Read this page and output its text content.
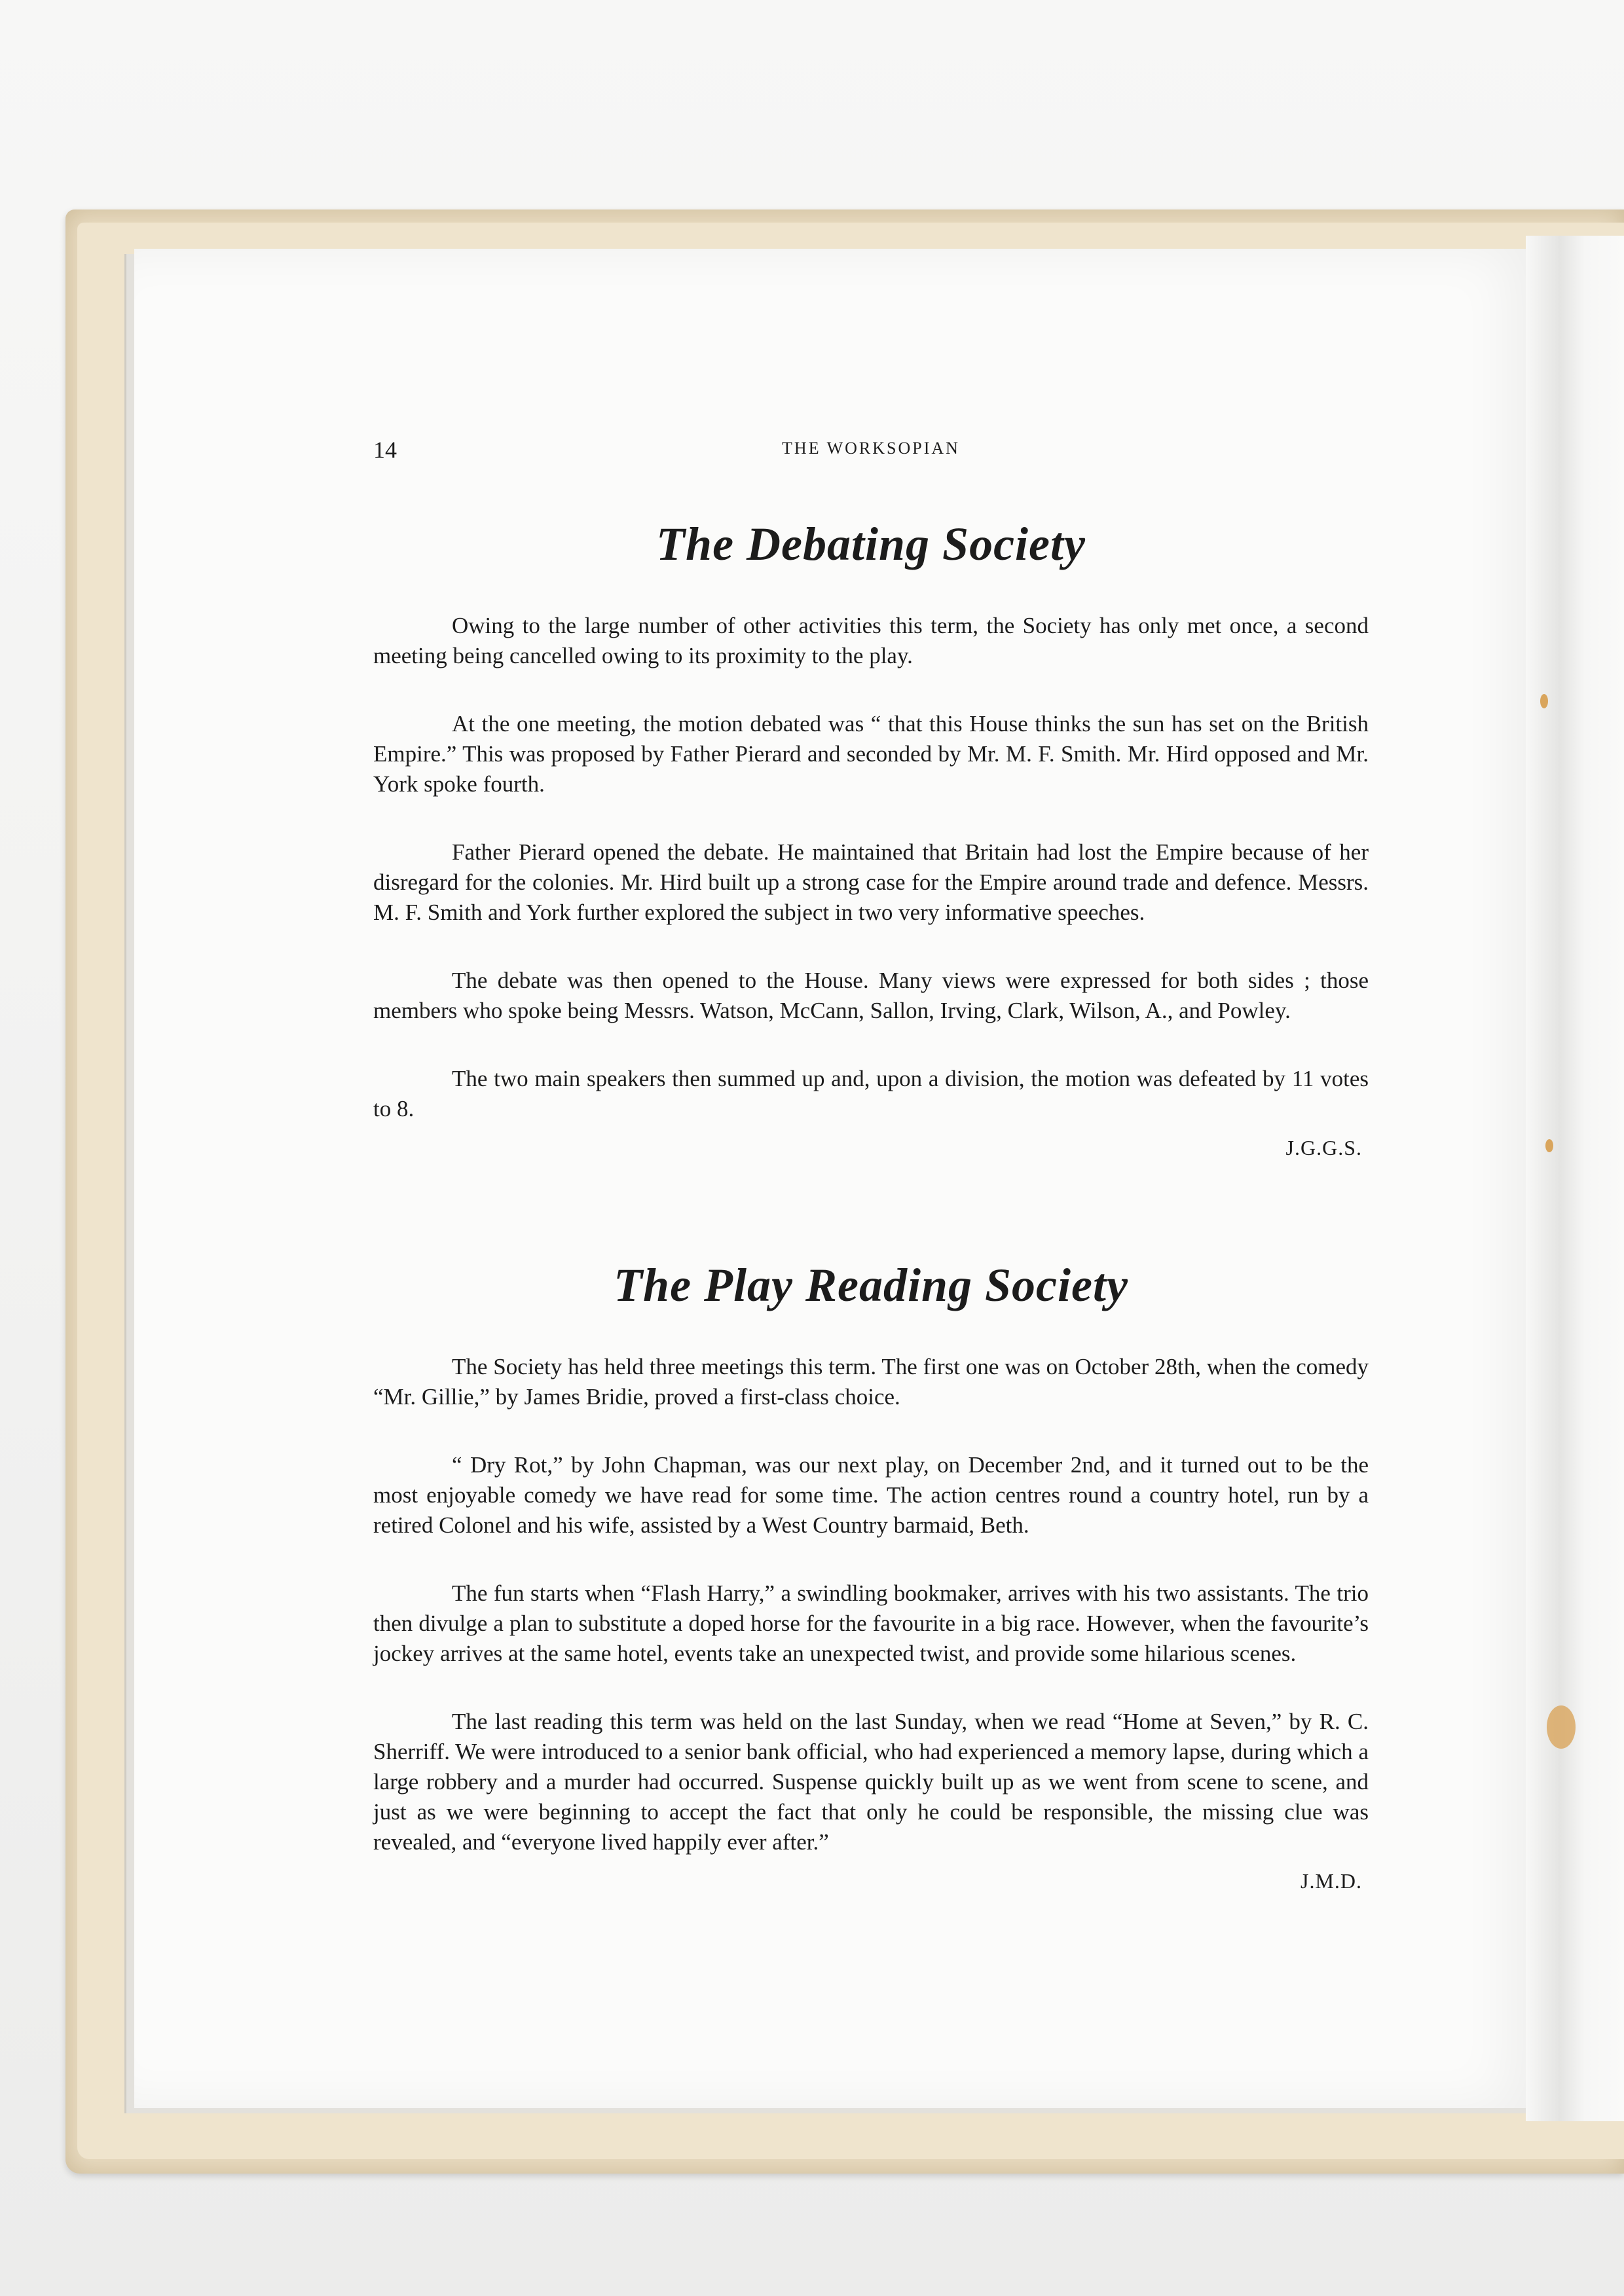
14	THE WORKSOPIAN
The Debating Society

Owing to the large number of other activities this term, the Society has only met once, a second meeting being cancelled owing to its proximity to the play.

At the one meeting, the motion debated was “ that this House thinks the sun has set on the British Empire.” This was proposed by Father Pierard and seconded by Mr. M. F. Smith. Mr. Hird opposed and Mr. York spoke fourth.

Father Pierard opened the debate. He maintained that Britain had lost the Empire because of her disregard for the colonies. Mr. Hird built up a strong case for the Empire around trade and defence. Messrs. M. F. Smith and York further explored the subject in two very informative speeches.

The debate was then opened to the House. Many views were expressed for both sides ; those members who spoke being Messrs. Watson, McCann, Sallon, Irving, Clark, Wilson, A., and Powley.

The two main speakers then summed up and, upon a division, the motion was defeated by 11 votes to 8.

J.G.G.S.
The Play Reading Society

The Society has held three meetings this term. The first one was on October 28th, when the comedy “Mr. Gillie,” by James Bridie, proved a first-class choice.

“ Dry Rot,” by John Chapman, was our next play, on December 2nd, and it turned out to be the most enjoyable comedy we have read for some time. The action centres round a country hotel, run by a retired Colonel and his wife, assisted by a West Country barmaid, Beth.

The fun starts when “Flash Harry,” a swindling bookmaker, arrives with his two assistants. The trio then divulge a plan to substitute a doped horse for the favourite in a big race. However, when the favourite’s jockey arrives at the same hotel, events take an unexpected twist, and provide some hilarious scenes.

The last reading this term was held on the last Sunday, when we read “Home at Seven,” by R. C. Sherriff. We were introduced to a senior bank official, who had experienced a memory lapse, during which a large robbery and a murder had occurred. Suspense quickly built up as we went from scene to scene, and just as we were beginning to accept the fact that only he could be responsible, the missing clue was revealed, and “everyone lived happily ever after.”

J.M.D.
